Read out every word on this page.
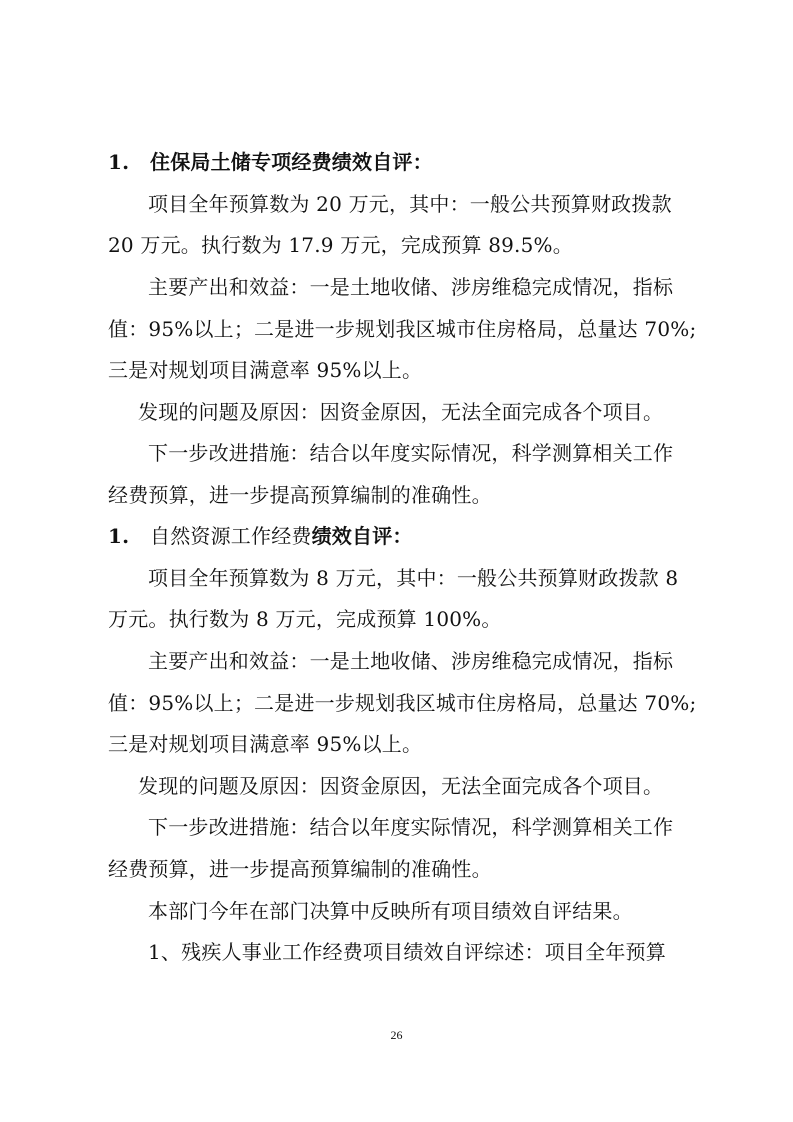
1. 住保局土储专项经费绩效自评：
项目全年预算数为 20 万元，其中：一般公共预算财政拨款
20 万元。执行数为 17.9 万元，完成预算 89.5%。
主要产出和效益：一是土地收储、涉房维稳完成情况，指标
值：95%以上；二是进一步规划我区城市住房格局，总量达 70%;
三是对规划项目满意率 95%以上。
发现的问题及原因：因资金原因，无法全面完成各个项目。
下一步改进措施：结合以年度实际情况，科学测算相关工作
经费预算，进一步提高预算编制的准确性。
1. 自然资源工作经费绩效自评：
项目全年预算数为 8 万元，其中：一般公共预算财政拨款 8
万元。执行数为 8 万元，完成预算 100%。
主要产出和效益：一是土地收储、涉房维稳完成情况，指标
值：95%以上；二是进一步规划我区城市住房格局，总量达 70%;
三是对规划项目满意率 95%以上。
发现的问题及原因：因资金原因，无法全面完成各个项目。
下一步改进措施：结合以年度实际情况，科学测算相关工作
经费预算，进一步提高预算编制的准确性。
本部门今年在部门决算中反映所有项目绩效自评结果。
1、残疾人事业工作经费项目绩效自评综述：项目全年预算
26
